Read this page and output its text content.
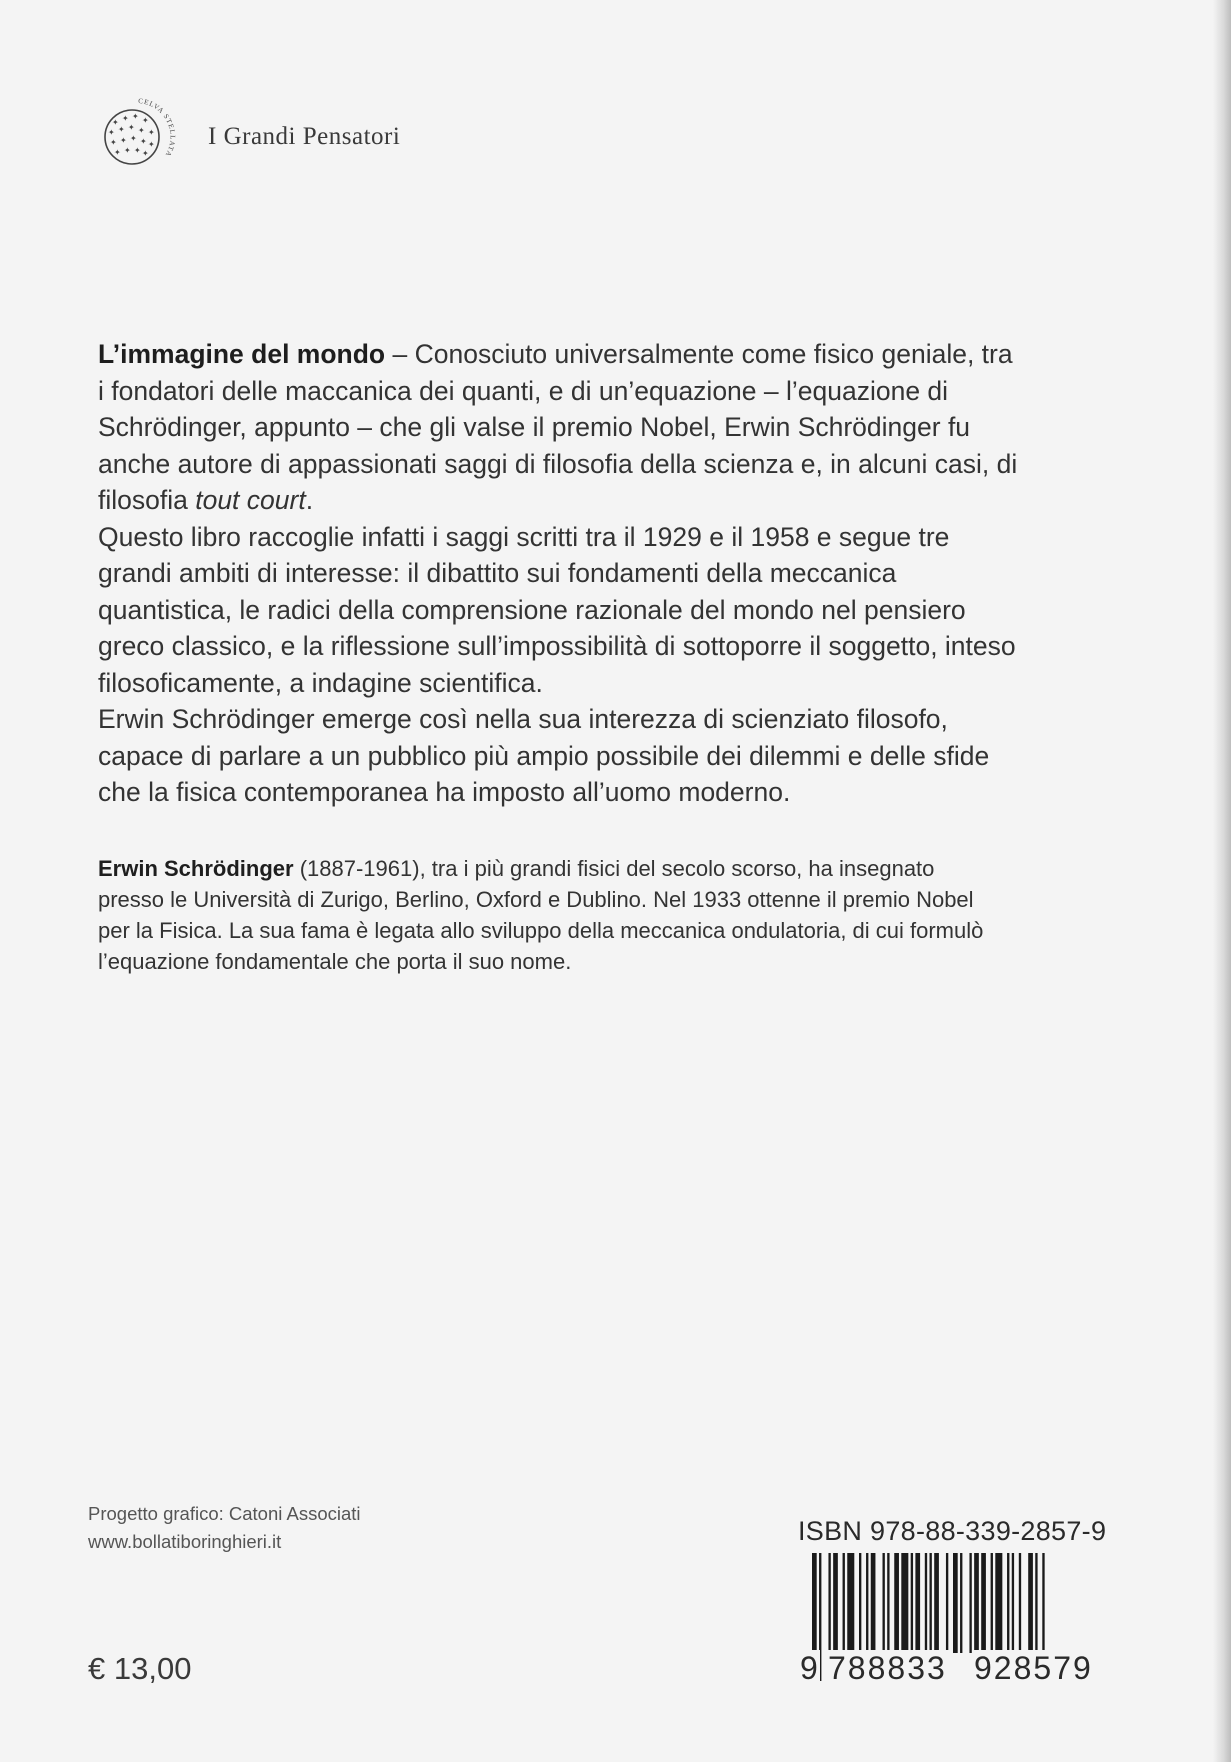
✦ ✦ ✦ ✦
✦ ✦ ✦ ✦ ✦
✦ ✦ ✦ ✦ ✦
✦ ✦ ✦ ✦
CELVA STELLATA
I Grandi Pensatori

L’immagine del mondo – Conosciuto universalmente come fisico geniale, tra i fondatori delle maccanica dei quanti, e di un’equazione – l’equazione di Schrödinger, appunto – che gli valse il premio Nobel, Erwin Schrödinger fu anche autore di appassionati saggi di filosofia della scienza e, in alcuni casi, di filosofia tout court.

Questo libro raccoglie infatti i saggi scritti tra il 1929 e il 1958 e segue tre grandi ambiti di interesse: il dibattito sui fondamenti della meccanica quantistica, le radici della comprensione razionale del mondo nel pensiero greco classico, e la riflessione sull’impossibilità di sottoporre il soggetto, inteso filosoficamente, a indagine scientifica.

Erwin Schrödinger emerge così nella sua interezza di scienziato filosofo, capace di parlare a un pubblico più ampio possibile dei dilemmi e delle sfide che la fisica contemporanea ha imposto all’uomo moderno.

Erwin Schrödinger (1887-1961), tra i più grandi fisici del secolo scorso, ha insegnato presso le Università di Zurigo, Berlino, Oxford e Dublino. Nel 1933 ottenne il premio Nobel per la Fisica. La sua fama è legata allo sviluppo della meccanica ondulatoria, di cui formulò l’equazione fondamentale che porta il suo nome.

Progetto grafico: Catoni Associati
www.bollatiboringhieri.it
€ 13,00
ISBN 978-88-339-2857-9
9 788833 928579
